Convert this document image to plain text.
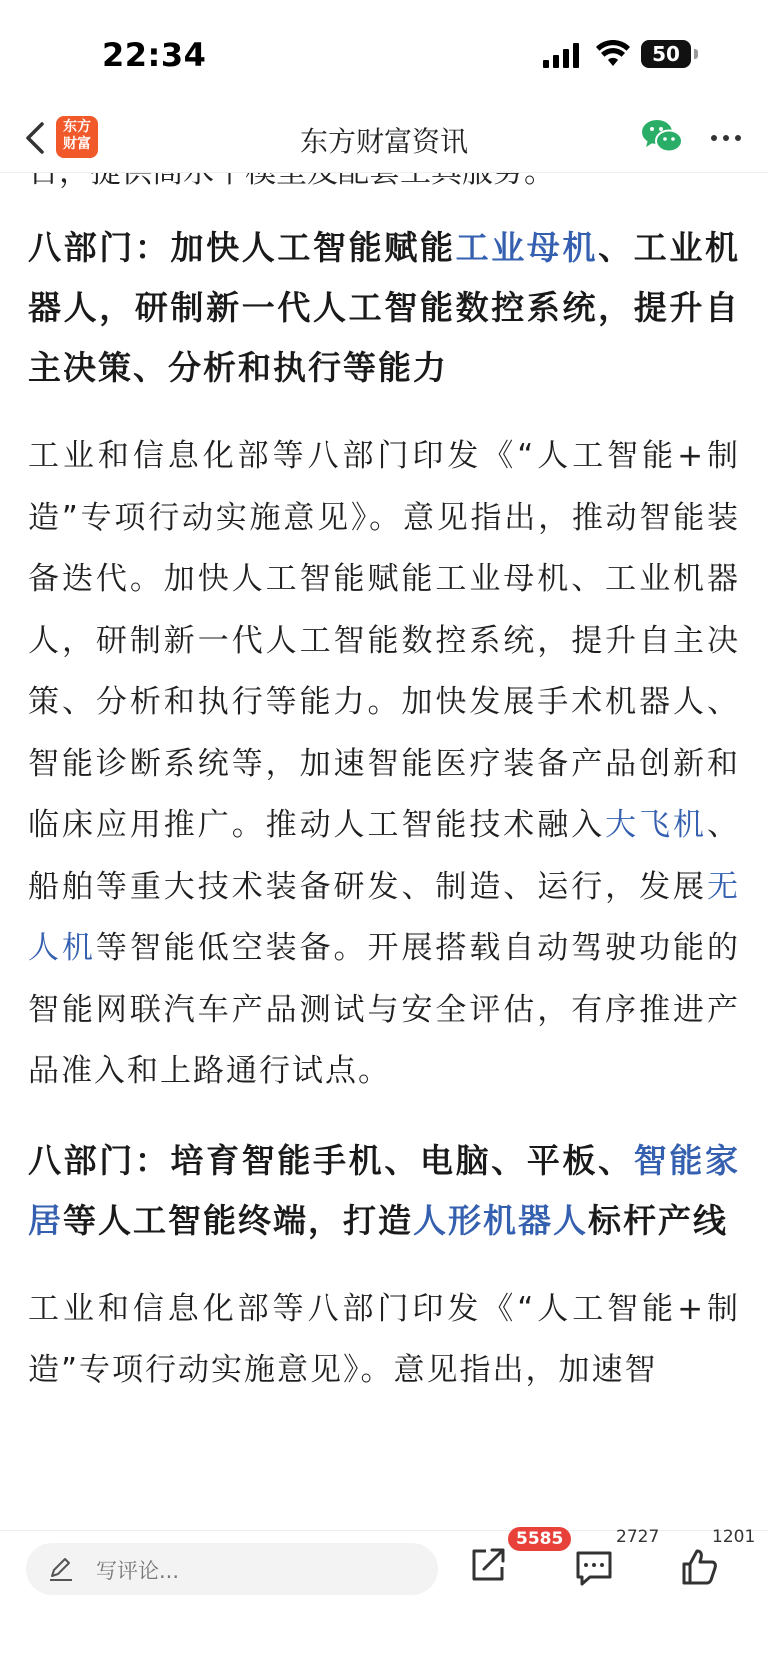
22:34	50
八部门：加快人工智能赋能工业母机、工业机器人，研制新一代人工智能数控系统，提升自主决策、分析和执行等能力

工业和信息化部等八部门印发《“人工智能+制造”专项行动实施意见》。意见指出，推动智能装备迭代。加快人工智能赋能工业母机、工业机器人，研制新一代人工智能数控系统，提升自主决策、分析和执行等能力。加快发展手术机器人、智能诊断系统等，加速智能医疗装备产品创新和临床应用推广。推动人工智能技术融入大飞机、船舶等重大技术装备研发、制造、运行，发展无人机等智能低空装备。开展搭载自动驾驶功能的智能网联汽车产品测试与安全评估，有序推进产品准入和上路通行试点。

八部门：培育智能手机、电脑、平板、智能家居等人工智能终端，打造人形机器人标杆产线

工业和信息化部等八部门印发《“人工智能+制造”专项行动实施意见》。意见指出，加速智

东方
财富	东方财富资讯
写评论...
5585	2727	1201
